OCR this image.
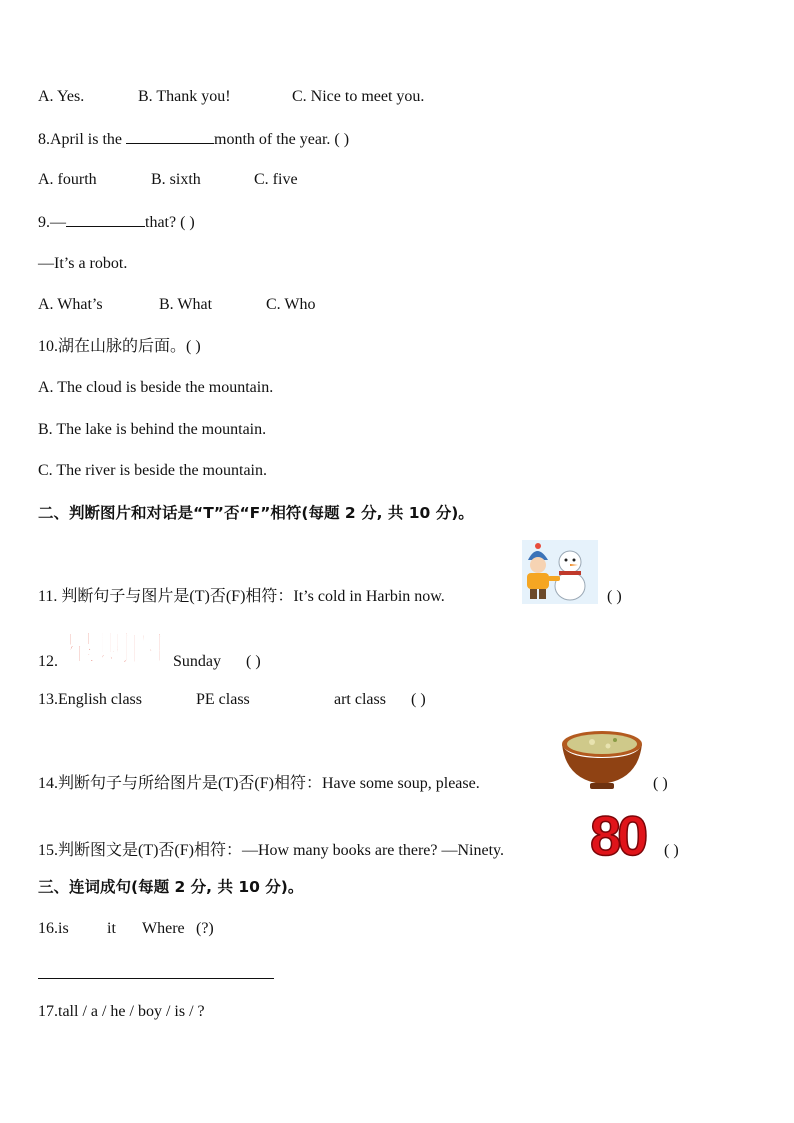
A. Yes.	B. Thank you!	C. Nice to meet you.
8.April is the	month of the year. ( )
A. fourth	B. sixth	C. five
9.—	that? ( )
—It’s a robot.
A. What’s	B. What	C. Who
10.湖在山脉的后面。( )
A. The cloud is beside the mountain.
B. The lake is behind the mountain.
C. The river is beside the mountain.
二、判断图片和对话是“T”否“F”相符(每题 2 分, 共 10 分)。
11. 判断句子与图片是(T)否(F)相符：It’s cold in Harbin now.	( )
12. 星期四 Sunday ( )
13.English class	PE class	art class ( )
14.判断句子与所给图片是(T)否(F)相符：Have some soup, please.	( )
15.判断图文是(T)否(F)相符：—How many books are there? —Ninety. 80 ( )
三、连词成句(每题 2 分, 共 10 分)。
16.is it Where (?)
17.tall / a / he / boy / is / ?
